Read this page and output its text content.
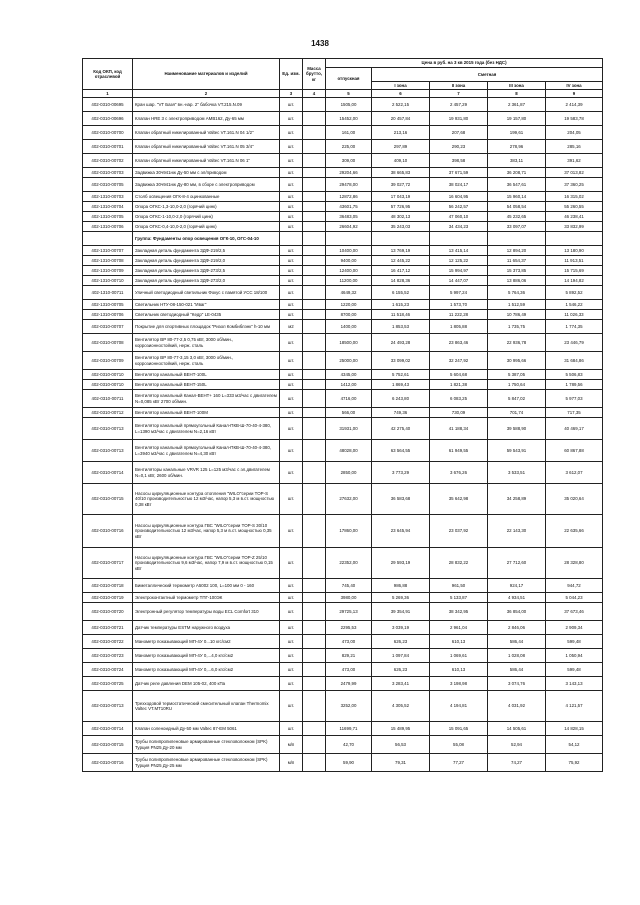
1438
Код ОКП, код отраслевой	Наименование материалов и изделий	Ед. изм.	Масса брутто, кг	Цена в руб. на 3 кв 2015 года (без НДС)				
				отпускная	Сметная			
					I зона	II зона	III зона	IV зона
1	2	3	4	5	6	7	8	9
402-0310-00695	Кран шар. "VT Базя" вн.-нар. 2" бабочка VT.215.N.09	шт.		1505,00	2 522,15	2 457,29	2 361,87	2 414,39
402-0310-00696	Клапан HRE 3 с электроприводом AMB162, Ду-65 мм	шт.		15452,00	20 457,84	19 931,80	19 157,80	19 583,78
402-0310-00700	Клапан обратный никелированный Valtec VT.161.N 04 1/2"	шт.		161,00	213,16	207,68	199,61	204,05
402-0310-00701	Клапан обратный никелированный Valtec VT.161.N 05 3/4"	шт.		225,00	297,89	290,23	278,96	285,16
402-0310-00702	Клапан обратный никелированный Valtec VT.161.N 06 1"	шт.		309,00	409,10	398,58	383,11	391,62
402-0310-00703	Задвижка 30ч941нж Ду-50 мм с эл/приводом	шт.		29204,66	38 665,83	37 671,59	36 208,71	37 013,82
402-0310-00705	Задвижка 30ч941нж Ду-80 мм, в сборе с электроприводом	шт.		29478,00	39 027,72	38 024,17	36 547,61	37 360,25
402-1310-00703	Столб освещения ОГК-8-4 оцинкованные	шт.		12872,86	17 043,19	16 604,95	15 960,14	16 315,02
402-1310-00704	Опора ОГКС-1,3-10,0-2,0 (горячий цинк)	шт.		43601,75	57 726,95	56 242,57	54 058,54	55 260,55
402-1310-00705	Опора ОГКС-1-10,0-2,0 (горячий цинк)	шт.		36483,05	48 302,13	47 060,10	45 232,65	46 238,41
402-1310-00706	Опора ОГКС-0,4-10,0-2,0 (горячий цинк)	шт.		26604,92	35 243,03	34 434,23	33 097,07	33 832,99
	Группа: Фундаменты опор освещения ОГК-10, ОГС-04-10							
402-1310-00707	Закладная деталь фундамента ЗДФ-219/2,5	шт.		10400,00	13 769,19	13 415,14	12 894,20	13 180,90
402-1310-00708	Закладная деталь фундамента ЗДФ-219/2,0	шт.		9400,00	12 445,22	12 125,22	11 654,37	11 913,51
402-1310-00709	Закладная деталь фундамента ЗДФ-273/2,5	шт.		12400,00	16 417,12	15 994,97	15 373,85	15 715,69
402-1310-00710	Закладная деталь фундамента ЗДФ-273/2,0	шт.		11200,00	14 828,36	14 447,07	13 886,06	14 194,82
402-1310-00711	Уличный светодиодный светильник Фокус с памятой УСС 18/100	шт.		4649,32	6 155,52	5 997,24	5 764,36	5 892,52
402-1310-00705	Светильник НТУ-08-150-021 "Иваг"	шт.		1220,00	1 615,23	1 573,70	1 512,59	1 546,22
402-1310-00706	Светильник светодиодный "Кедр" LE-0435	шт.		8700,00	11 518,46	11 222,28	10 786,49	11 026,33
402-0310-00707	Покрытие для спортивных площадок "Ризол Комбиблэнк" h-10 мм	м2		1400,00	1 853,53	1 805,88	1 735,75	1 774,35
402-0310-00708	Вентилятор ВР 80-77-2,5 0,75 кВт, 3000 об/мин., коррозионностойкий, нерж. сталь	шт.		18500,00	24 493,28	23 863,46	22 936,78	23 446,79
402-0310-00709	Вентилятор ВР 80-77-3,15 3,0 кВт, 3000 об/мин., коррозионностойкий, нерж. сталь	шт.		25000,00	33 099,02	32 247,92	30 995,66	31 684,86
402-0310-00710	Вентилятор канальный ВЕНТ-100L	шт.		4345,00	5 752,61	5 604,68	5 387,05	5 506,83
402-0310-00710	Вентилятор канальный ВЕНТ-150L	шт.		1412,00	1 869,43	1 821,38	1 750,64	1 789,56
402-0310-00711	Вентилятор канальный Канал-ВЕНТ+ 160 L=333 м3/час с двигателем N=0,085 кВт 2700 об/мин.	шт.		4716,00	6 243,80	6 083,25	5 847,02	5 977,03
402-0310-00712	Вентилятор канальный ВЕНТ-100М	шт.		566,00	749,36	730,09	701,74	717,35
402-0310-00713	Вентилятор канальный прямоугольный Канал-ПКВ-Ш-70-40-4-380, L=1390 м3/час с двигателем N=2,16 кВт	шт.		31931,00	42 275,40	41 188,34	39 588,90	40 469,17
402-0310-00713	Вентилятор канальный прямоугольный Канал-ПКВ-Ш-70-40-4-380, L=3940 м3/час с двигателем N=4,30 кВт	шт.		48028,00	63 564,55	61 949,55	59 543,91	60 867,88
402-0310-00714	Вентиляторы канальные VRVR 125 L=125 м3/час с эл.двигателем N=0,1 кВт, 2600 об/мин.	шт.		2850,00	3 773,29	3 676,26	3 533,51	3 612,07
402-0310-00715	Насосы циркуляционные контура отопления "WILO"серии TOP-S 40/10 производительностью 12 м3/час, напор 5,3 м в.ст. мощностью 0,38 кВт	шт.		27632,00	36 583,68	35 642,98	34 258,89	35 020,64
402-0310-00716	Насосы циркуляционные контура ГВС "WILO"серии TOP-S 30/10 производительностью 12 м3/час, напор 5,3 м в.ст. мощностью 0,35 кВт	шт.		17860,00	23 645,94	23 037,92	22 143,30	22 635,66
402-0310-00717	Насосы циркуляционные контура ГВС "WILO"серии TOP-Z 25/10 производительностью 9,6 м3/час, напор 7,9 м в.ст. мощностью 0,15 кВт	шт.		22352,00	29 593,19	28 832,22	27 712,60	28 328,80
402-0310-00718	Биметаллический термометр A5002 100, L=100 мм 0 - 160	шт.		745,40	986,88	961,50	924,17	944,72
402-0310-00719	Электроконтактный термометр ТПГ-100ЭК	шт.		3980,00	5 269,36	5 133,87	4 934,51	5 044,23
402-0310-00720	Электронный регулятор температуры воды ECL Comfort 310	шт.		29725,13	39 354,91	38 342,95	36 854,00	37 673,46
402-0310-00721	Датчик температуры ESTM наружного воздуха	шт.		2295,53	3 039,19	2 961,04	2 846,06	2 909,34
402-0310-00722	Манометр показывающий МП-4У 0...10 кгс/см2	шт.		473,00	626,23	610,13	586,44	599,48
402-0310-00723	Манометр показывающий МП-4У 0,...4,0 кгс/см2	шт.		829,21	1 097,84	1 069,61	1 028,08	1 050,94
402-0310-00724	Манометр показывающий МП-4У 0,...6,0 кгс/см2	шт.		473,00	626,23	610,13	586,44	599,48
402-0310-00725	Датчик реле давления DEM 105-02, 400 кПа	шт.		2479,99	3 283,41	3 198,98	3 074,76	3 143,13
402-0310-00713	Трехходовой термостатический смесительный клапан Thermomix Valtec VT.MT10RU	шт.		3252,00	4 305,52	4 194,81	4 031,92	4 121,57
402-0310-00714	Клапан соленоидный Ду-50 мм Valtec 87-EM 5061	шт.		11699,71	15 489,95	15 091,65	14 505,61	14 828,15
402-0310-00715	Трубы полипропиленовые армированные стекловолокном (SPK) Турция PN25 Ду-20 мм	м/п		42,70	56,53	55,08	52,94	54,12
402-0310-00716	Трубы полипропиленовые армированные стекловолокном (SPK) Турция PN25 Ду-25 мм	м/п		59,90	79,31	77,27	74,27	75,92
